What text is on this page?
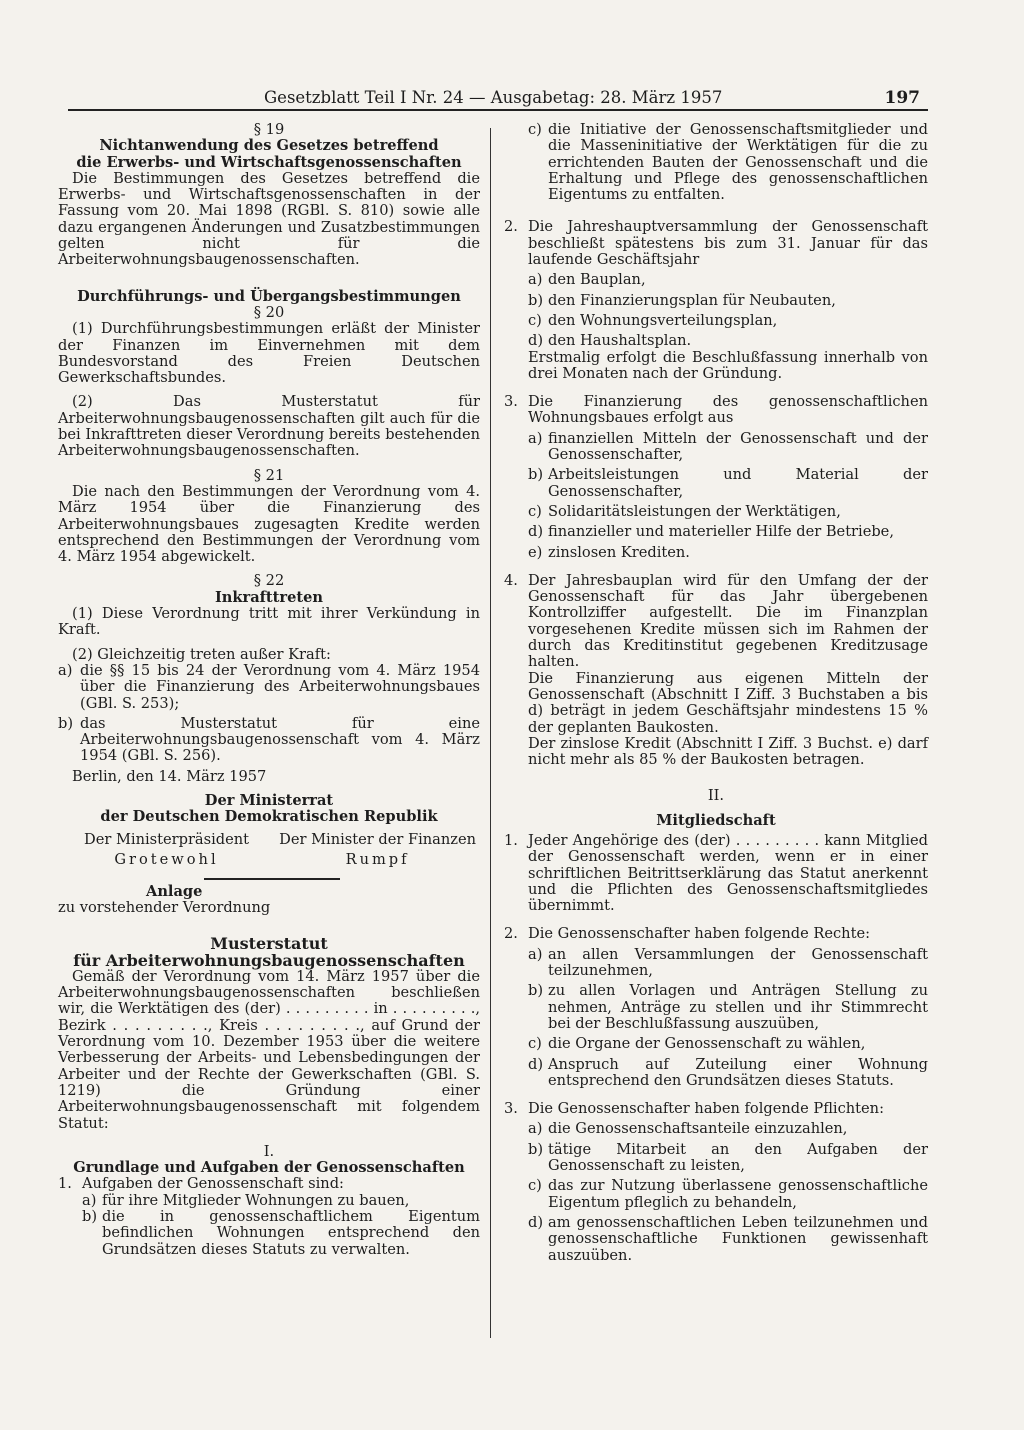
Gesetzblatt Teil I Nr. 24 — Ausgabetag: 28. März 1957	197

§ 19

Nichtanwendung des Gesetzes betreffend

die Erwerbs- und Wirtschaftsgenossenschaften

Die Bestimmungen des Gesetzes betreffend die Erwerbs- und Wirtschaftsgenossenschaften in der Fassung vom 20. Mai 1898 (RGBl. S. 810) sowie alle dazu ergangenen Änderungen und Zusatzbestimmungen gelten nicht für die Arbeiterwohnungsbaugenossenschaften.

Durchführungs- und Übergangsbestimmungen

§ 20

(1) Durchführungsbestimmungen erläßt der Minister der Finanzen im Einvernehmen mit dem Bundesvorstand des Freien Deutschen Gewerkschaftsbundes.

(2) Das Musterstatut für Arbeiterwohnungsbaugenossenschaften gilt auch für die bei Inkrafttreten dieser Verordnung bereits bestehenden Arbeiterwohnungsbaugenossenschaften.

§ 21

Die nach den Bestimmungen der Verordnung vom 4. März 1954 über die Finanzierung des Arbeiterwohnungsbaues zugesagten Kredite werden entsprechend den Bestimmungen der Verordnung vom 4. März 1954 abgewickelt.

§ 22

Inkrafttreten

(1) Diese Verordnung tritt mit ihrer Verkündung in Kraft.

(2) Gleichzeitig treten außer Kraft:

a) die §§ 15 bis 24 der Verordnung vom 4. März 1954 über die Finanzierung des Arbeiterwohnungsbaues (GBl. S. 253);
b) das Musterstatut für eine Arbeiterwohnungsbaugenossenschaft vom 4. März 1954 (GBl. S. 256).

Berlin, den 14. März 1957

Der Ministerrat

der Deutschen Demokratischen Republik

Der Ministerpräsident
Grotewohl
Der Minister der Finanzen
Rumpf

Anlage

zu vorstehender Verordnung

Musterstatut

für Arbeiterwohnungsbaugenossenschaften

Gemäß der Verordnung vom 14. März 1957 über die Arbeiterwohnungsbaugenossenschaften beschließen wir, die Werktätigen des (der) . . . . . . . . . in . . . . . . . . ., Bezirk . . . . . . . . ., Kreis . . . . . . . . ., auf Grund der Verordnung vom 10. Dezember 1953 über die weitere Verbesserung der Arbeits- und Lebensbedingungen der Arbeiter und der Rechte der Gewerkschaften (GBl. S. 1219) die Gründung einer Arbeiterwohnungsbaugenossenschaft mit folgendem Statut:

I.

Grundlage und Aufgaben der Genossenschaften

1. Aufgaben der Genossenschaft sind:

a) für ihre Mitglieder Wohnungen zu bauen,
b) die in genossenschaftlichem Eigentum befindlichen Wohnungen entsprechend den Grundsätzen dieses Statuts zu verwalten.
c) die Initiative der Genossenschaftsmitglieder und die Masseninitiative der Werktätigen für die zu errichtenden Bauten der Genossenschaft und die Erhaltung und Pflege des genossenschaftlichen Eigentums zu entfalten.
2. Die Jahreshauptversammlung der Genossenschaft beschließt spätestens bis zum 31. Januar für das laufende Geschäftsjahr

a) den Bauplan,
b) den Finanzierungsplan für Neubauten,
c) den Wohnungsverteilungsplan,
d) den Haushaltsplan.

Erstmalig erfolgt die Beschlußfassung innerhalb von drei Monaten nach der Gründung.

3. Die Finanzierung des genossenschaftlichen Wohnungsbaues erfolgt aus

a) finanziellen Mitteln der Genossenschaft und der Genossenschafter,
b) Arbeitsleistungen und Material der Genossenschafter,
c) Solidaritätsleistungen der Werktätigen,
d) finanzieller und materieller Hilfe der Betriebe,
e) zinslosen Krediten.
4. Der Jahresbauplan wird für den Umfang der der Genossenschaft für das Jahr übergebenen Kontrollziffer aufgestellt. Die im Finanzplan vorgesehenen Kredite müssen sich im Rahmen der durch das Kreditinstitut gegebenen Kreditzusage halten.

Die Finanzierung aus eigenen Mitteln der Genossenschaft (Abschnitt I Ziff. 3 Buchstaben a bis d) beträgt in jedem Geschäftsjahr mindestens 15 % der geplanten Baukosten.

Der zinslose Kredit (Abschnitt I Ziff. 3 Buchst. e) darf nicht mehr als 85 % der Baukosten betragen.

II.

Mitgliedschaft

1. Jeder Angehörige des (der) . . . . . . . . . kann Mitglied der Genossenschaft werden, wenn er in einer schriftlichen Beitrittserklärung das Statut anerkennt und die Pflichten des Genossenschaftsmitgliedes übernimmt.

2. Die Genossenschafter haben folgende Rechte:

a) an allen Versammlungen der Genossenschaft teilzunehmen,
b) zu allen Vorlagen und Anträgen Stellung zu nehmen, Anträge zu stellen und ihr Stimmrecht bei der Beschlußfassung auszuüben,
c) die Organe der Genossenschaft zu wählen,
d) Anspruch auf Zuteilung einer Wohnung entsprechend den Grundsätzen dieses Statuts.
3. Die Genossenschafter haben folgende Pflichten:

a) die Genossenschaftsanteile einzuzahlen,
b) tätige Mitarbeit an den Aufgaben der Genossenschaft zu leisten,
c) das zur Nutzung überlassene genossenschaftliche Eigentum pfleglich zu behandeln,
d) am genossenschaftlichen Leben teilzunehmen und genossenschaftliche Funktionen gewissenhaft auszuüben.
